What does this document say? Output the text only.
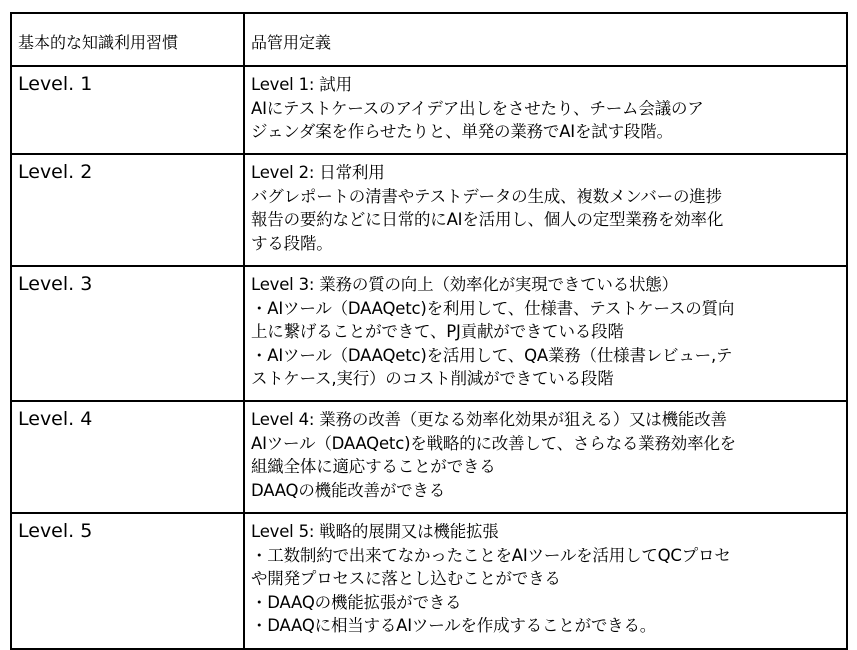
基本的な知識利用習慣	品管用定義
Level. 1	Level 1: 試用
AIにテストケースのアイデア出しをさせたり、チーム会議のア
ジェンダ案を作らせたりと、単発の業務でAIを試す段階。

Level. 2	Level 2: 日常利用
バグレポートの清書やテストデータの生成、複数メンバーの進捗
報告の要約などに日常的にAIを活用し、個人の定型業務を効率化
する段階。

Level. 3	Level 3: 業務の質の向上（効率化が実現できている状態）
・AIツール（DAAQetc)を利用して、仕様書、テストケースの質向
上に繋げることができて、PJ貢献ができている段階
・AIツール（DAAQetc)を活用して、QA業務（仕様書レビュー,テ
ストケース,実行）のコスト削減ができている段階

Level. 4	Level 4: 業務の改善（更なる効率化効果が狙える）又は機能改善
AIツール（DAAQetc)を戦略的に改善して、さらなる業務効率化を
組織全体に適応することができる
DAAQの機能改善ができる

Level. 5	Level 5: 戦略的展開又は機能拡張
・工数制約で出来てなかったことをAIツールを活用してQCプロセ
や開発プロセスに落とし込むことができる
・DAAQの機能拡張ができる
・DAAQに相当するAIツールを作成することができる。
